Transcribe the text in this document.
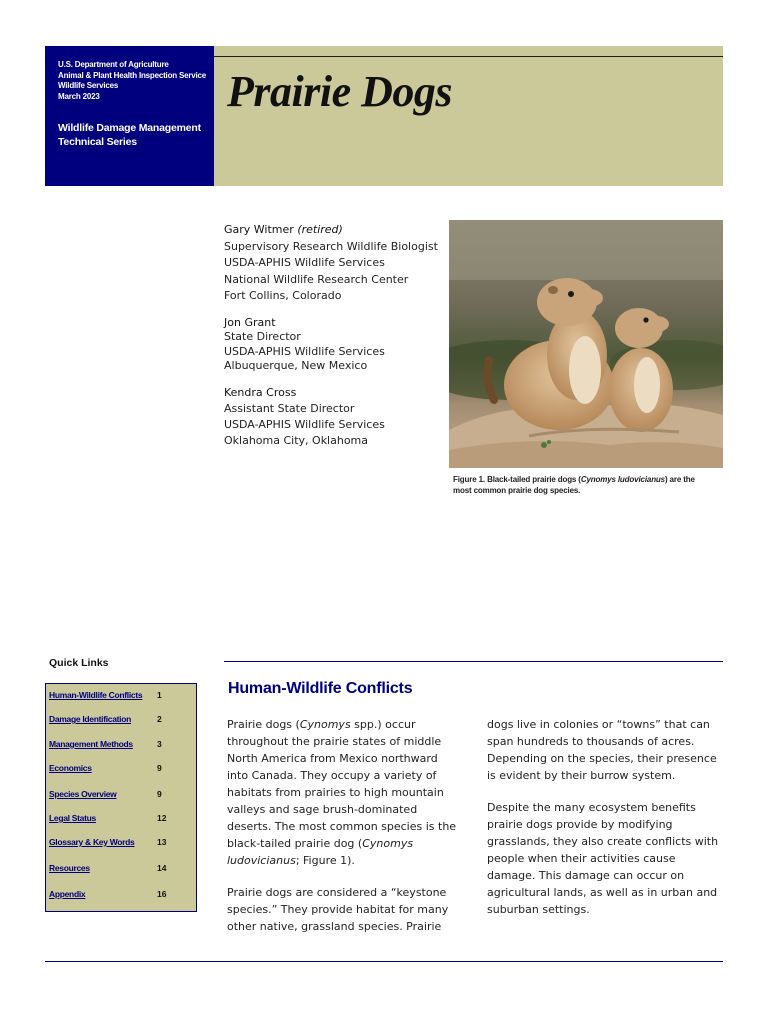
U.S. Department of Agriculture
Animal & Plant Health Inspection Service
Wildlife Services
March 2023
Wildlife Damage Management
Technical Series
Prairie Dogs
Gary Witmer (retired)
Supervisory Research Wildlife Biologist
USDA-APHIS Wildlife Services
National Wildlife Research Center
Fort Collins, Colorado
Jon Grant
State Director
USDA-APHIS Wildlife Services
Albuquerque, New Mexico
Kendra Cross
Assistant State Director
USDA-APHIS Wildlife Services
Oklahoma City, Oklahoma
Figure 1. Black-tailed prairie dogs (Cynomys ludovicianus) are the most common prairie dog species.
Quick Links
Human-Wildlife Conflicts 1
Damage Identification	2
Management Methods	3
Economics	9
Species Overview	9
Legal Status	12
Glossary & Key Words	13
Resources	14
Appendix	16
Human-Wildlife Conflicts

Prairie dogs (Cynomys spp.) occur throughout the prairie states of middle North America from Mexico northward into Canada. They occupy a variety of habitats from prairies to high mountain valleys and sage brush-dominated deserts. The most common species is the black-tailed prairie dog (Cynomys ludovicianus; Figure 1).

Prairie dogs are considered a “keystone species.” They provide habitat for many other native, grassland species. Prairie

dogs live in colonies or “towns” that can span hundreds to thousands of acres. Depending on the species, their presence is evident by their burrow system.

Despite the many ecosystem benefits prairie dogs provide by modifying grasslands, they also create conflicts with people when their activities cause damage. This damage can occur on agricultural lands, as well as in urban and suburban settings.
